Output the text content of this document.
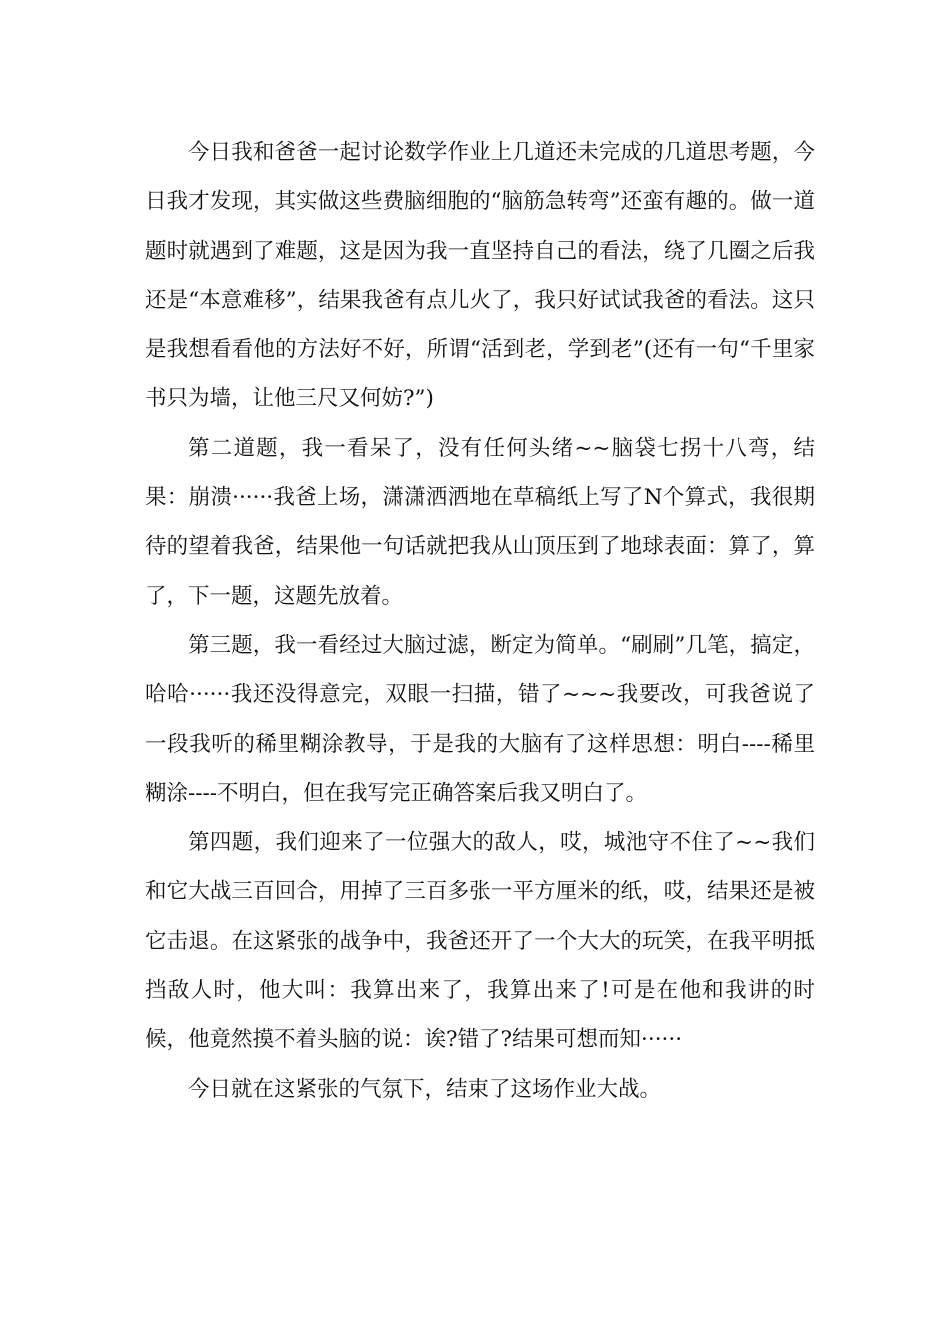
今日我和爸爸一起讨论数学作业上几道还未完成的几道思考题，今日我才发现，其实做这些费脑细胞的“脑筋急转弯”还蛮有趣的。做一道题时就遇到了难题，这是因为我一直坚持自己的看法，绕了几圈之后我还是“本意难移”，结果我爸有点儿火了，我只好试试我爸的看法。这只是我想看看他的方法好不好，所谓“活到老，学到老”(还有一句“千里家书只为墙，让他三尺又何妨?”)

第二道题，我一看呆了，没有任何头绪~~脑袋七拐十八弯，结果：崩溃······我爸上场，潇潇洒洒地在草稿纸上写了N个算式，我很期待的望着我爸，结果他一句话就把我从山顶压到了地球表面：算了，算了，下一题，这题先放着。

第三题，我一看经过大脑过滤，断定为简单。“刷刷”几笔，搞定，哈哈······我还没得意完，双眼一扫描，错了~~~我要改，可我爸说了一段我听的稀里糊涂教导，于是我的大脑有了这样思想：明白----稀里糊涂----不明白，但在我写完正确答案后我又明白了。

第四题，我们迎来了一位强大的敌人，哎，城池守不住了~~我们和它大战三百回合，用掉了三百多张一平方厘米的纸，哎，结果还是被它击退。在这紧张的战争中，我爸还开了一个大大的玩笑，在我平明抵挡敌人时，他大叫：我算出来了，我算出来了!可是在他和我讲的时候，他竟然摸不着头脑的说：诶?错了?结果可想而知······

今日就在这紧张的气氛下，结束了这场作业大战。
